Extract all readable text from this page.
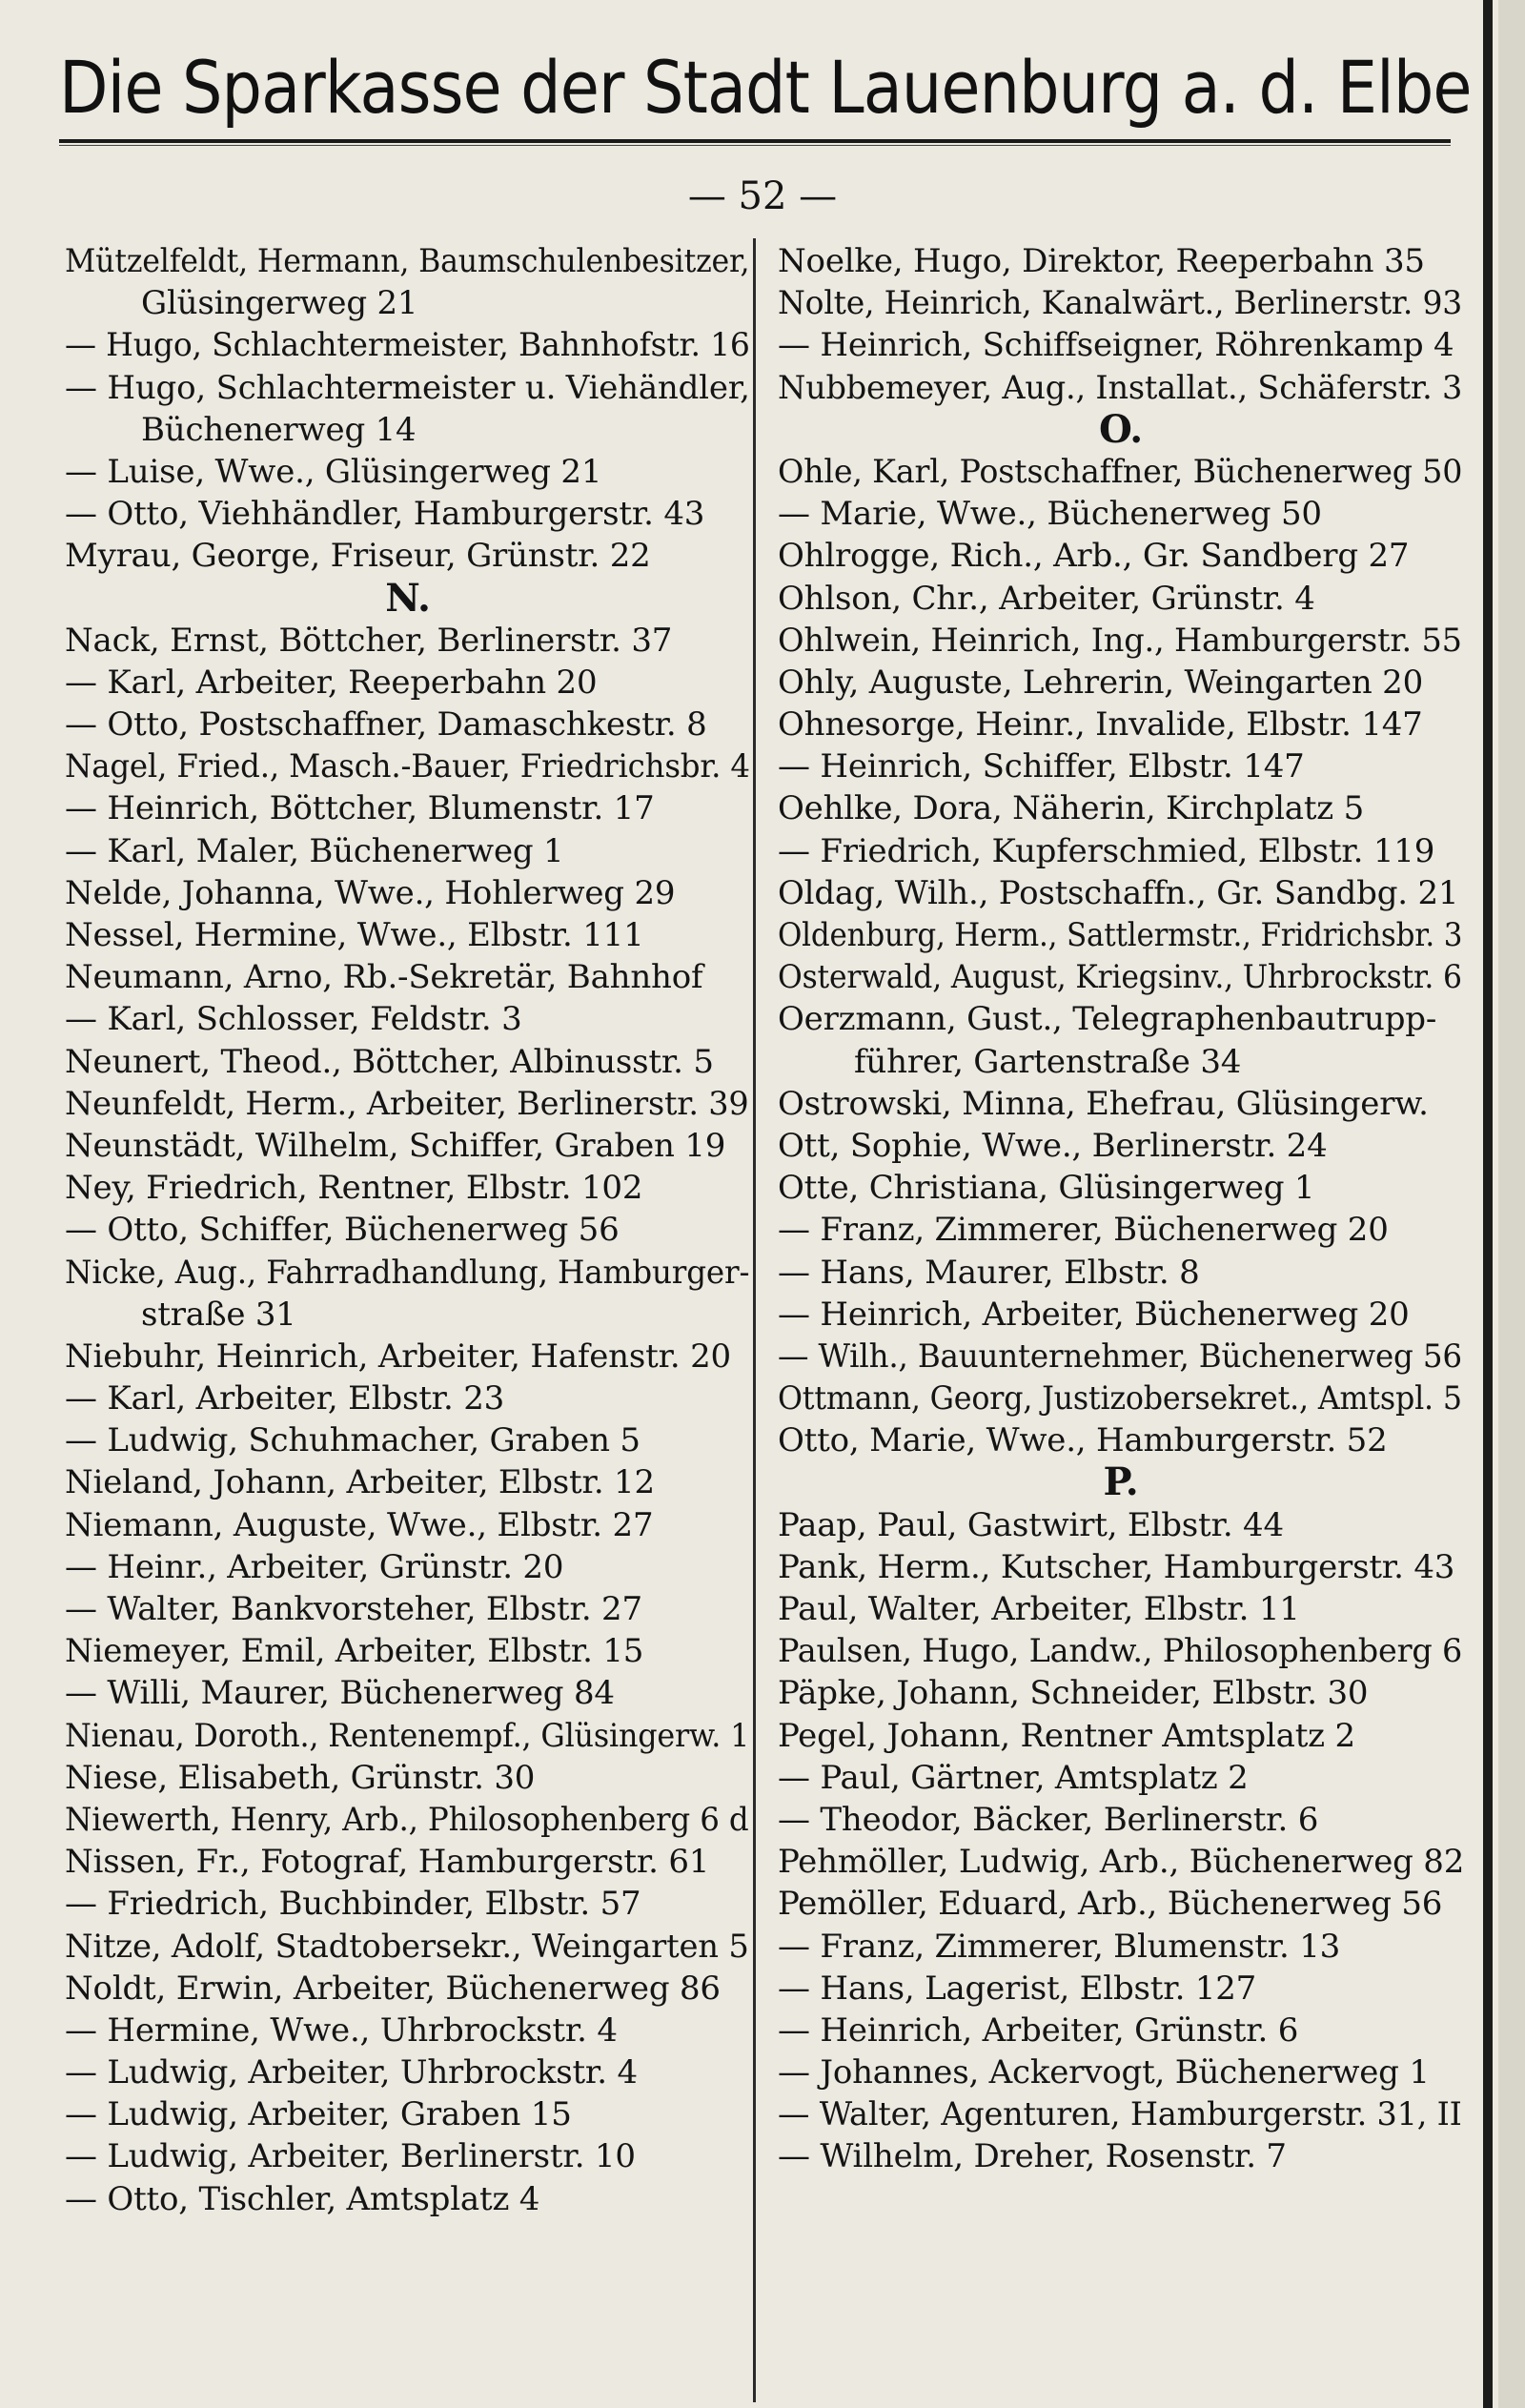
Die Sparkasse der Stadt Lauenburg a. d. Elbe
— 52 —
Mützelfeldt, Hermann, Baumschulenbesitzer,
Glüsingerweg 21
— Hugo, Schlachtermeister, Bahnhofstr. 16
— Hugo, Schlachtermeister u. Viehändler,
Büchenerweg 14
— Luise, Wwe., Glüsingerweg 21
— Otto, Viehhändler, Hamburgerstr. 43
Myrau, George, Friseur, Grünstr. 22
N.
Nack, Ernst, Böttcher, Berlinerstr. 37
— Karl, Arbeiter, Reeperbahn 20
— Otto, Postschaffner, Damaschkestr. 8
Nagel, Fried., Masch.-Bauer, Friedrichsbr. 4
— Heinrich, Böttcher, Blumenstr. 17
— Karl, Maler, Büchenerweg 1
Nelde, Johanna, Wwe., Hohlerweg 29
Nessel, Hermine, Wwe., Elbstr. 111
Neumann, Arno, Rb.-Sekretär, Bahnhof
— Karl, Schlosser, Feldstr. 3
Neunert, Theod., Böttcher, Albinusstr. 5
Neunfeldt, Herm., Arbeiter, Berlinerstr. 39
Neunstädt, Wilhelm, Schiffer, Graben 19
Ney, Friedrich, Rentner, Elbstr. 102
— Otto, Schiffer, Büchenerweg 56
Nicke, Aug., Fahrradhandlung, Hamburger-
straße 31
Niebuhr, Heinrich, Arbeiter, Hafenstr. 20
— Karl, Arbeiter, Elbstr. 23
— Ludwig, Schuhmacher, Graben 5
Nieland, Johann, Arbeiter, Elbstr. 12
Niemann, Auguste, Wwe., Elbstr. 27
— Heinr., Arbeiter, Grünstr. 20
— Walter, Bankvorsteher, Elbstr. 27
Niemeyer, Emil, Arbeiter, Elbstr. 15
— Willi, Maurer, Büchenerweg 84
Nienau, Doroth., Rentenempf., Glüsingerw. 1
Niese, Elisabeth, Grünstr. 30
Niewerth, Henry, Arb., Philosophenberg 6 d
Nissen, Fr., Fotograf, Hamburgerstr. 61
— Friedrich, Buchbinder, Elbstr. 57
Nitze, Adolf, Stadtobersekr., Weingarten 5
Noldt, Erwin, Arbeiter, Büchenerweg 86
— Hermine, Wwe., Uhrbrockstr. 4
— Ludwig, Arbeiter, Uhrbrockstr. 4
— Ludwig, Arbeiter, Graben 15
— Ludwig, Arbeiter, Berlinerstr. 10
— Otto, Tischler, Amtsplatz 4
Noelke, Hugo, Direktor, Reeperbahn 35
Nolte, Heinrich, Kanalwärt., Berlinerstr. 93
— Heinrich, Schiffseigner, Röhrenkamp 4
Nubbemeyer, Aug., Installat., Schäferstr. 3
O.
Ohle, Karl, Postschaffner, Büchenerweg 50
— Marie, Wwe., Büchenerweg 50
Ohlrogge, Rich., Arb., Gr. Sandberg 27
Ohlson, Chr., Arbeiter, Grünstr. 4
Ohlwein, Heinrich, Ing., Hamburgerstr. 55
Ohly, Auguste, Lehrerin, Weingarten 20
Ohnesorge, Heinr., Invalide, Elbstr. 147
— Heinrich, Schiffer, Elbstr. 147
Oehlke, Dora, Näherin, Kirchplatz 5
— Friedrich, Kupferschmied, Elbstr. 119
Oldag, Wilh., Postschaffn., Gr. Sandbg. 21
Oldenburg, Herm., Sattlermstr., Fridrichsbr. 3
Osterwald, August, Kriegsinv., Uhrbrockstr. 6
Oerzmann, Gust., Telegraphenbautrupp-
führer, Gartenstraße 34
Ostrowski, Minna, Ehefrau, Glüsingerw.
Ott, Sophie, Wwe., Berlinerstr. 24
Otte, Christiana, Glüsingerweg 1
— Franz, Zimmerer, Büchenerweg 20
— Hans, Maurer, Elbstr. 8
— Heinrich, Arbeiter, Büchenerweg 20
— Wilh., Bauunternehmer, Büchenerweg 56
Ottmann, Georg, Justizobersekret., Amtspl. 5
Otto, Marie, Wwe., Hamburgerstr. 52
P.
Paap, Paul, Gastwirt, Elbstr. 44
Pank, Herm., Kutscher, Hamburgerstr. 43
Paul, Walter, Arbeiter, Elbstr. 11
Paulsen, Hugo, Landw., Philosophenberg 6
Päpke, Johann, Schneider, Elbstr. 30
Pegel, Johann, Rentner Amtsplatz 2
— Paul, Gärtner, Amtsplatz 2
— Theodor, Bäcker, Berlinerstr. 6
Pehmöller, Ludwig, Arb., Büchenerweg 82
Pemöller, Eduard, Arb., Büchenerweg 56
— Franz, Zimmerer, Blumenstr. 13
— Hans, Lagerist, Elbstr. 127
— Heinrich, Arbeiter, Grünstr. 6
— Johannes, Ackervogt, Büchenerweg 1
— Walter, Agenturen, Hamburgerstr. 31, II
— Wilhelm, Dreher, Rosenstr. 7
